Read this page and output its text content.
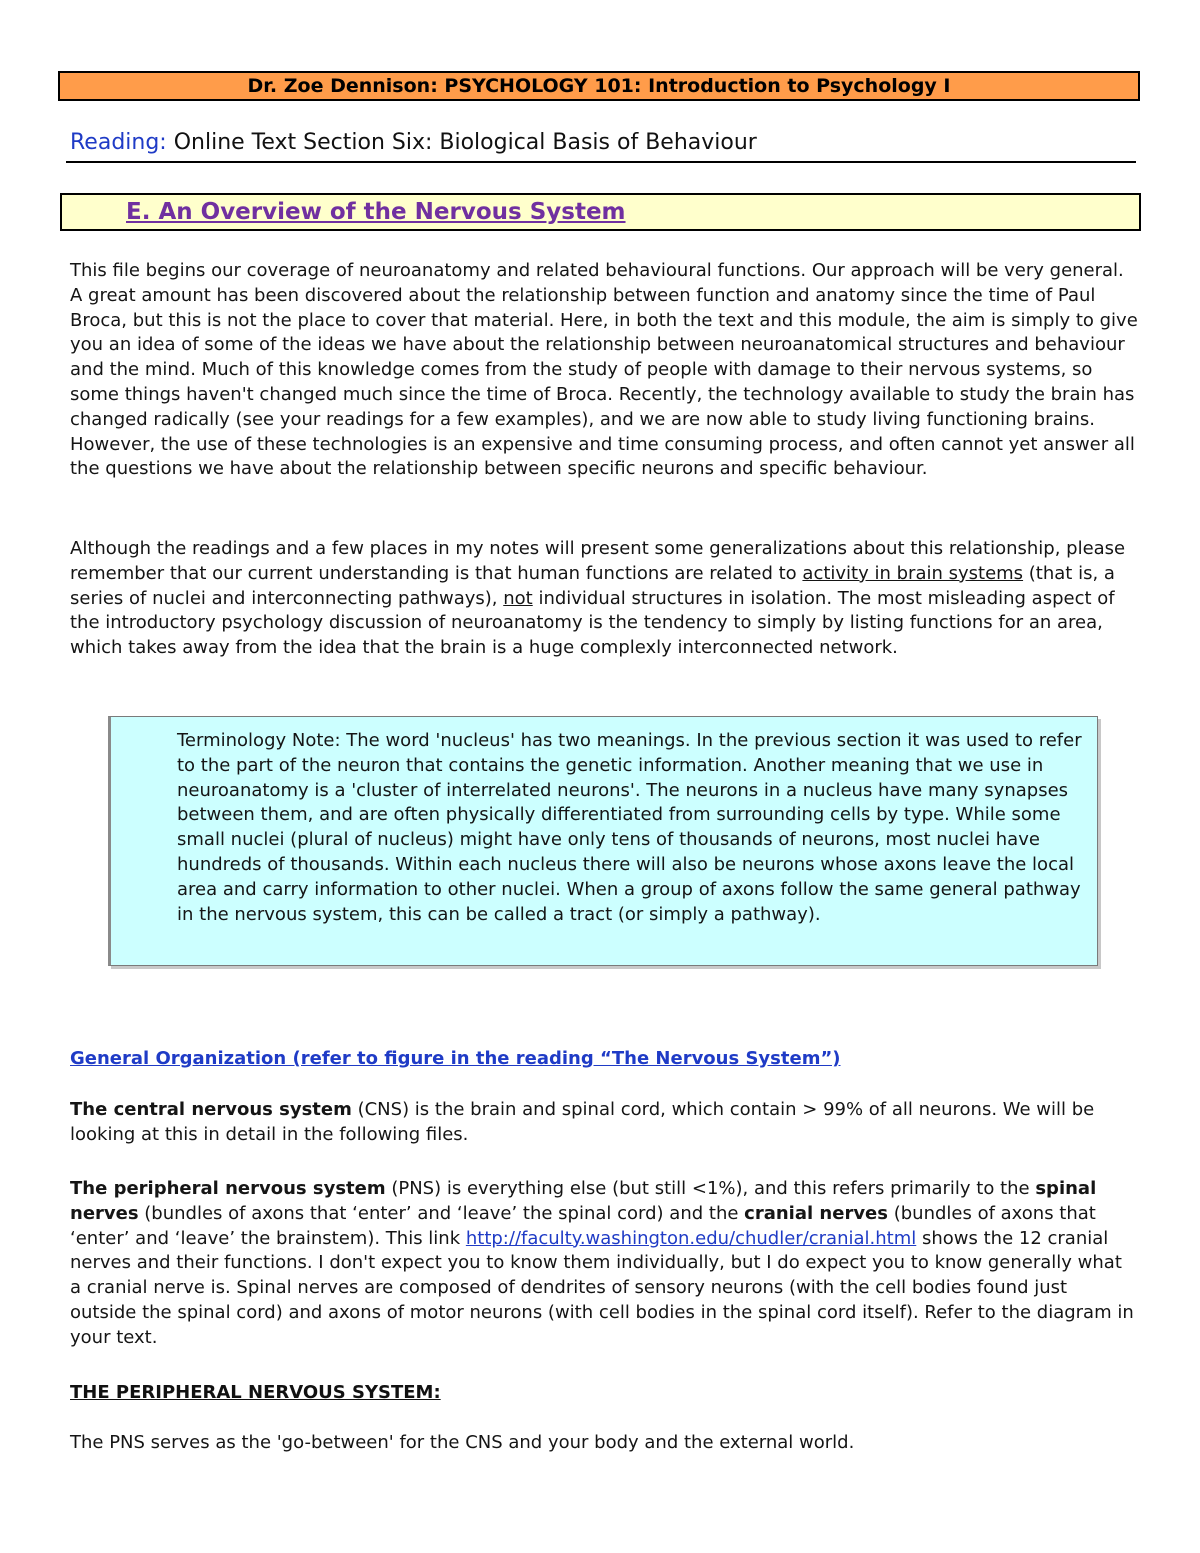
Dr. Zoe Dennison: PSYCHOLOGY 101: Introduction to Psychology I
Reading: Online Text Section Six: Biological Basis of Behaviour
E. An Overview of the Nervous System

This file begins our coverage of neuroanatomy and related behavioural functions. Our approach will be very general. A great amount has been discovered about the relationship between function and anatomy since the time of Paul Broca, but this is not the place to cover that material. Here, in both the text and this module, the aim is simply to give you an idea of some of the ideas we have about the relationship between neuroanatomical structures and behaviour and the mind. Much of this knowledge comes from the study of people with damage to their nervous systems, so some things haven't changed much since the time of Broca. Recently, the technology available to study the brain has changed radically (see your readings for a few examples), and we are now able to study living functioning brains. However, the use of these technologies is an expensive and time consuming process, and often cannot yet answer all the questions we have about the relationship between specific neurons and specific behaviour.

Although the readings and a few places in my notes will present some generalizations about this relationship, please remember that our current understanding is that human functions are related to activity in brain systems (that is, a series of nuclei and interconnecting pathways), not individual structures in isolation. The most misleading aspect of the introductory psychology discussion of neuroanatomy is the tendency to simply by listing functions for an area, which takes away from the idea that the brain is a huge complexly interconnected network.

Terminology Note: The word 'nucleus' has two meanings. In the previous section it was used to refer to the part of the neuron that contains the genetic information. Another meaning that we use in neuroanatomy is a 'cluster of interrelated neurons'. The neurons in a nucleus have many synapses between them, and are often physically differentiated from surrounding cells by type. While some small nuclei (plural of nucleus) might have only tens of thousands of neurons, most nuclei have hundreds of thousands. Within each nucleus there will also be neurons whose axons leave the local area and carry information to other nuclei. When a group of axons follow the same general pathway in the nervous system, this can be called a tract (or simply a pathway).

General Organization (refer to figure in the reading “The Nervous System”)

The central nervous system (CNS) is the brain and spinal cord, which contain > 99% of all neurons. We will be looking at this in detail in the following files.

The peripheral nervous system (PNS) is everything else (but still <1%), and this refers primarily to the spinal nerves (bundles of axons that ‘enter’ and ‘leave’ the spinal cord) and the cranial nerves (bundles of axons that ‘enter’ and ‘leave’ the brainstem). This link http://faculty.washington.edu/chudler/cranial.html shows the 12 cranial nerves and their functions. I don't expect you to know them individually, but I do expect you to know generally what a cranial nerve is. Spinal nerves are composed of dendrites of sensory neurons (with the cell bodies found just outside the spinal cord) and axons of motor neurons (with cell bodies in the spinal cord itself). Refer to the diagram in your text.

THE PERIPHERAL NERVOUS SYSTEM:

The PNS serves as the 'go-between' for the CNS and your body and the external world.
